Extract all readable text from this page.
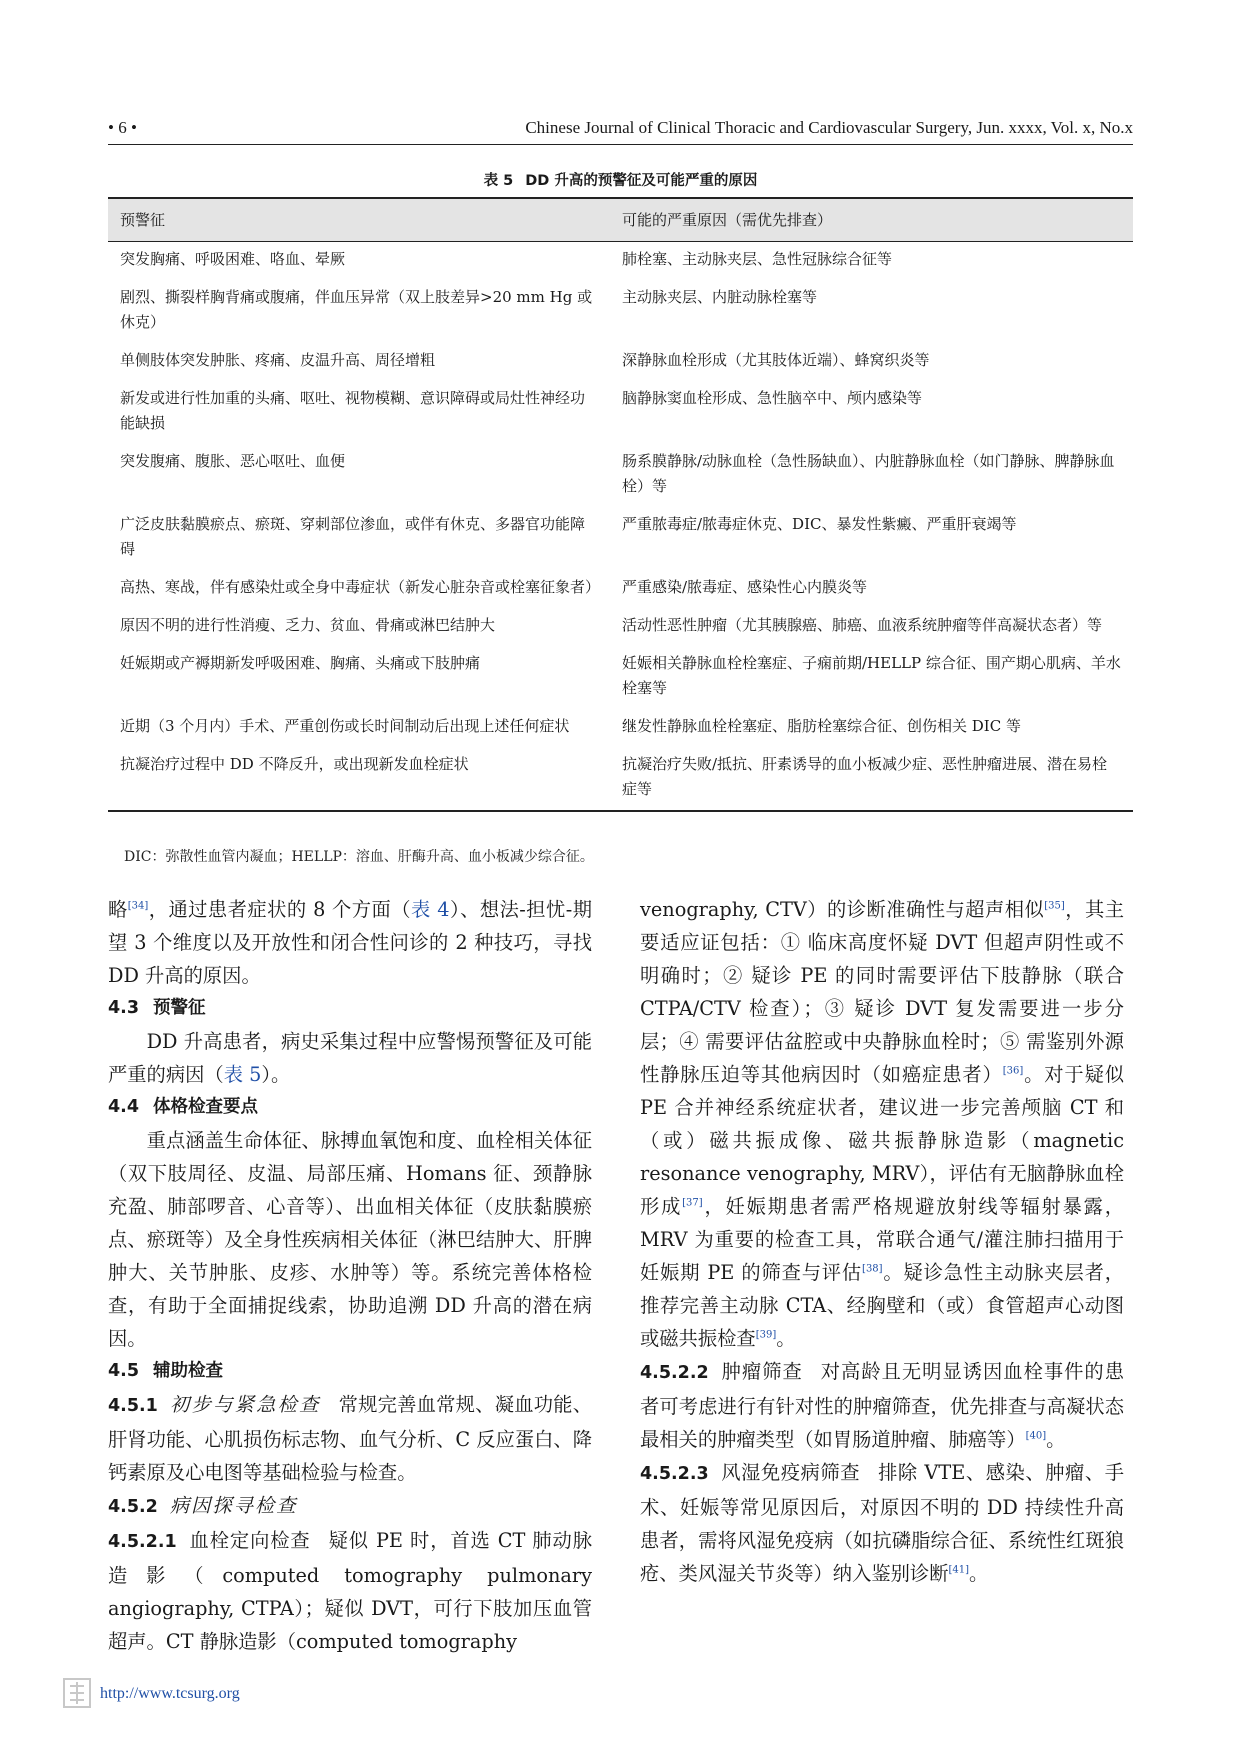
• 6 •	Chinese Journal of Clinical Thoracic and Cardiovascular Surgery, Jun. xxxx, Vol. x, No.x
表 5 DD 升高的预警征及可能严重的原因
预警征	可能的严重原因（需优先排查）
突发胸痛、呼吸困难、咯血、晕厥	肺栓塞、主动脉夹层、急性冠脉综合征等
剧烈、撕裂样胸背痛或腹痛，伴血压异常（双上肢差异>20 mm Hg 或休克）	主动脉夹层、内脏动脉栓塞等
单侧肢体突发肿胀、疼痛、皮温升高、周径增粗	深静脉血栓形成（尤其肢体近端）、蜂窝织炎等
新发或进行性加重的头痛、呕吐、视物模糊、意识障碍或局灶性神经功能缺损	脑静脉窦血栓形成、急性脑卒中、颅内感染等
突发腹痛、腹胀、恶心呕吐、血便	肠系膜静脉/动脉血栓（急性肠缺血）、内脏静脉血栓（如门静脉、脾静脉血栓）等
广泛皮肤黏膜瘀点、瘀斑、穿刺部位渗血，或伴有休克、多器官功能障碍	严重脓毒症/脓毒症休克、DIC、暴发性紫癜、严重肝衰竭等
高热、寒战，伴有感染灶或全身中毒症状（新发心脏杂音或栓塞征象者）	严重感染/脓毒症、感染性心内膜炎等
原因不明的进行性消瘦、乏力、贫血、骨痛或淋巴结肿大	活动性恶性肿瘤（尤其胰腺癌、肺癌、血液系统肿瘤等伴高凝状态者）等
妊娠期或产褥期新发呼吸困难、胸痛、头痛或下肢肿痛	妊娠相关静脉血栓栓塞症、子痫前期/HELLP 综合征、围产期心肌病、羊水栓塞等
近期（3 个月内）手术、严重创伤或长时间制动后出现上述任何症状	继发性静脉血栓栓塞症、脂肪栓塞综合征、创伤相关 DIC 等
抗凝治疗过程中 DD 不降反升，或出现新发血栓症状	抗凝治疗失败/抵抗、肝素诱导的血小板减少症、恶性肿瘤进展、潜在易栓症等
DIC：弥散性血管内凝血；HELLP：溶血、肝酶升高、血小板减少综合征。

略[34]，通过患者症状的 8 个方面（表 4）、想法-担忧-期望 3 个维度以及开放性和闭合性问诊的 2 种技巧，寻找 DD 升高的原因。

4.3 预警征

DD 升高患者，病史采集过程中应警惕预警征及可能严重的病因（表 5）。

4.4 体格检查要点

重点涵盖生命体征、脉搏血氧饱和度、血栓相关体征（双下肢周径、皮温、局部压痛、Homans 征、颈静脉充盈、肺部啰音、心音等）、出血相关体征（皮肤黏膜瘀点、瘀斑等）及全身性疾病相关体征（淋巴结肿大、肝脾肿大、关节肿胀、皮疹、水肿等）等。系统完善体格检查，有助于全面捕捉线索，协助追溯 DD 升高的潜在病因。

4.5 辅助检查

4.5.1 初步与紧急检查 常规完善血常规、凝血功能、肝肾功能、心肌损伤标志物、血气分析、C 反应蛋白、降钙素原及心电图等基础检验与检查。

4.5.2 病因探寻检查

4.5.2.1 血栓定向检查 疑似 PE 时，首选 CT 肺动脉造影（computed tomography pulmonary angiography, CTPA）；疑似 DVT，可行下肢加压血管超声。CT 静脉造影（computed tomography

venography, CTV）的诊断准确性与超声相似[35]，其主要适应证包括：① 临床高度怀疑 DVT 但超声阴性或不明确时；② 疑诊 PE 的同时需要评估下肢静脉（联合 CTPA/CTV 检查）；③ 疑诊 DVT 复发需要进一步分层；④ 需要评估盆腔或中央静脉血栓时；⑤ 需鉴别外源性静脉压迫等其他病因时（如癌症患者）[36]。对于疑似 PE 合并神经系统症状者，建议进一步完善颅脑 CT 和（或）磁共振成像、磁共振静脉造影（magnetic resonance venography, MRV），评估有无脑静脉血栓形成[37]，妊娠期患者需严格规避放射线等辐射暴露，MRV 为重要的检查工具，常联合通气/灌注肺扫描用于妊娠期 PE 的筛查与评估[38]。疑诊急性主动脉夹层者，推荐完善主动脉 CTA、经胸壁和（或）食管超声心动图或磁共振检查[39]。

4.5.2.2 肿瘤筛查 对高龄且无明显诱因血栓事件的患者可考虑进行有针对性的肿瘤筛查，优先排查与高凝状态最相关的肿瘤类型（如胃肠道肿瘤、肺癌等）[40]。

4.5.2.3 风湿免疫病筛查 排除 VTE、感染、肿瘤、手术、妊娠等常见原因后，对原因不明的 DD 持续性升高患者，需将风湿免疫病（如抗磷脂综合征、系统性红斑狼疮、类风湿关节炎等）纳入鉴别诊断[41]。

http://www.tcsurg.org
